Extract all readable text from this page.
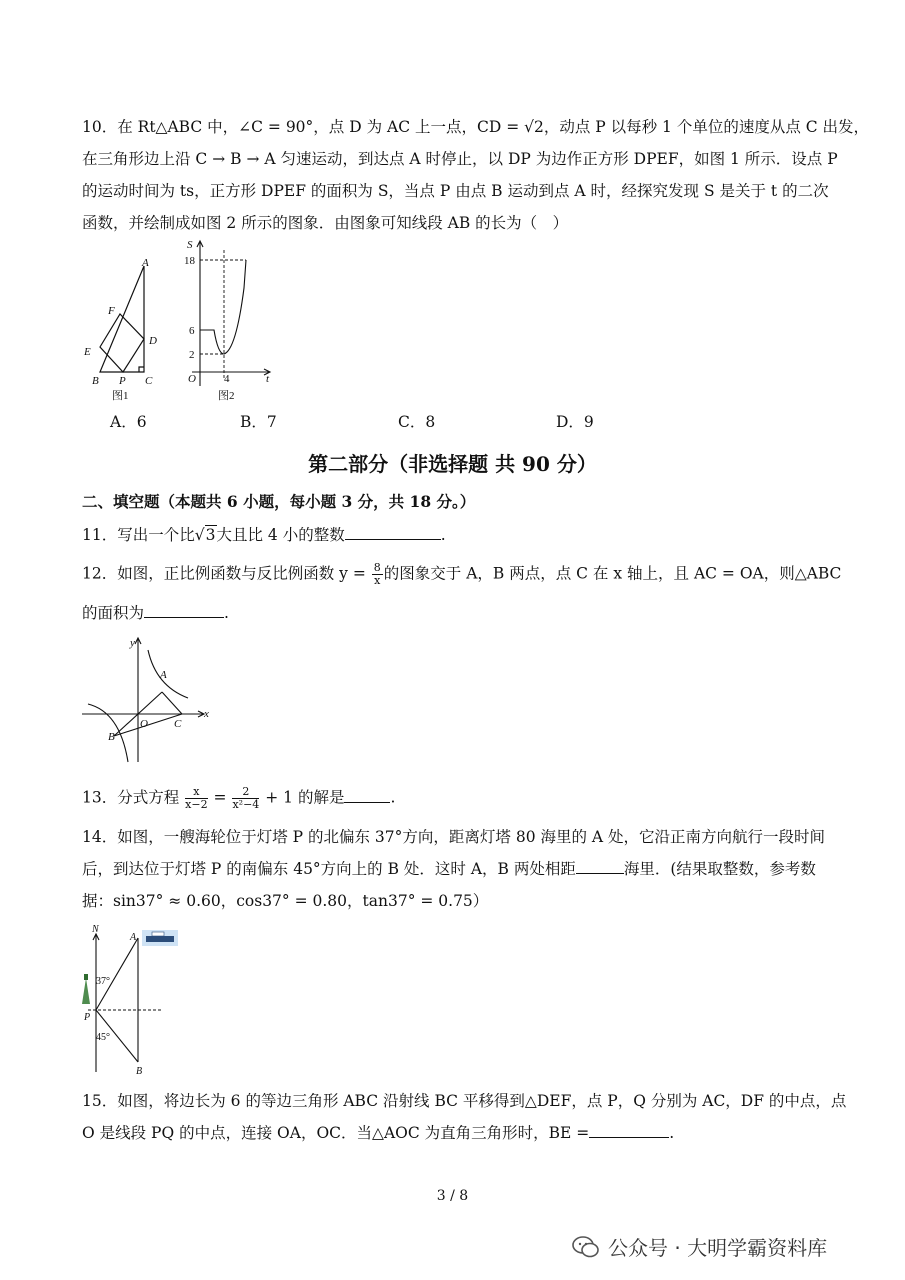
10．在 Rt△ABC 中，∠C = 90°，点 D 为 AC 上一点，CD = √2，动点 P 以每秒 1 个单位的速度从点 C 出发，
在三角形边上沿 C → B → A 匀速运动，到达点 A 时停止，以 DP 为边作正方形 DPEF，如图 1 所示．设点 P
的运动时间为 ts，正方形 DPEF 的面积为 S，当点 P 由点 B 运动到点 A 时，经探究发现 S 是关于 t 的二次
函数，并绘制成如图 2 所示的图象．由图象可知线段 AB 的长为（　）
A
F
D
E
B P C
图1
S
18
6
2
O	4	t
图2
A．6	B．7	C．8	D．9
第二部分（非选择题 共 90 分）
二、填空题（本题共 6 小题，每小题 3 分，共 18 分。）
11．写出一个比√3大且比 4 小的整数	.
12．如图，正比例函数与反比例函数 $y = \frac{8}{x}$ 的图象交于 A，B 两点，点 C 在 x 轴上，且 AC = OA，则△ABC
的面积为	.
y
A
O C
x
B
13．分式方程 $\frac{x}{x-2} = \frac{2}{\text{x²−4}} + 1$ 的解是	.
14．如图，一艘海轮位于灯塔 P 的北偏东 37°方向，距离灯塔 80 海里的 A 处，它沿正南方向航行一段时间
后，到达位于灯塔 P 的南偏东 45°方向上的 B 处．这时 A，B 两处相距	海里．(结果取整数，参考数
据：sin37° ≈ 0.60，cos37° = 0.80，tan37° = 0.75）
N
A
37°
P
45°
B
15．如图，将边长为 6 的等边三角形 ABC 沿射线 BC 平移得到△DEF，点 P，Q 分别为 AC，DF 的中点，点
O 是线段 PQ 的中点，连接 OA，OC．当△AOC 为直角三角形时，BE =	.
3 / 8
公众号 · 大明学霸资料库
